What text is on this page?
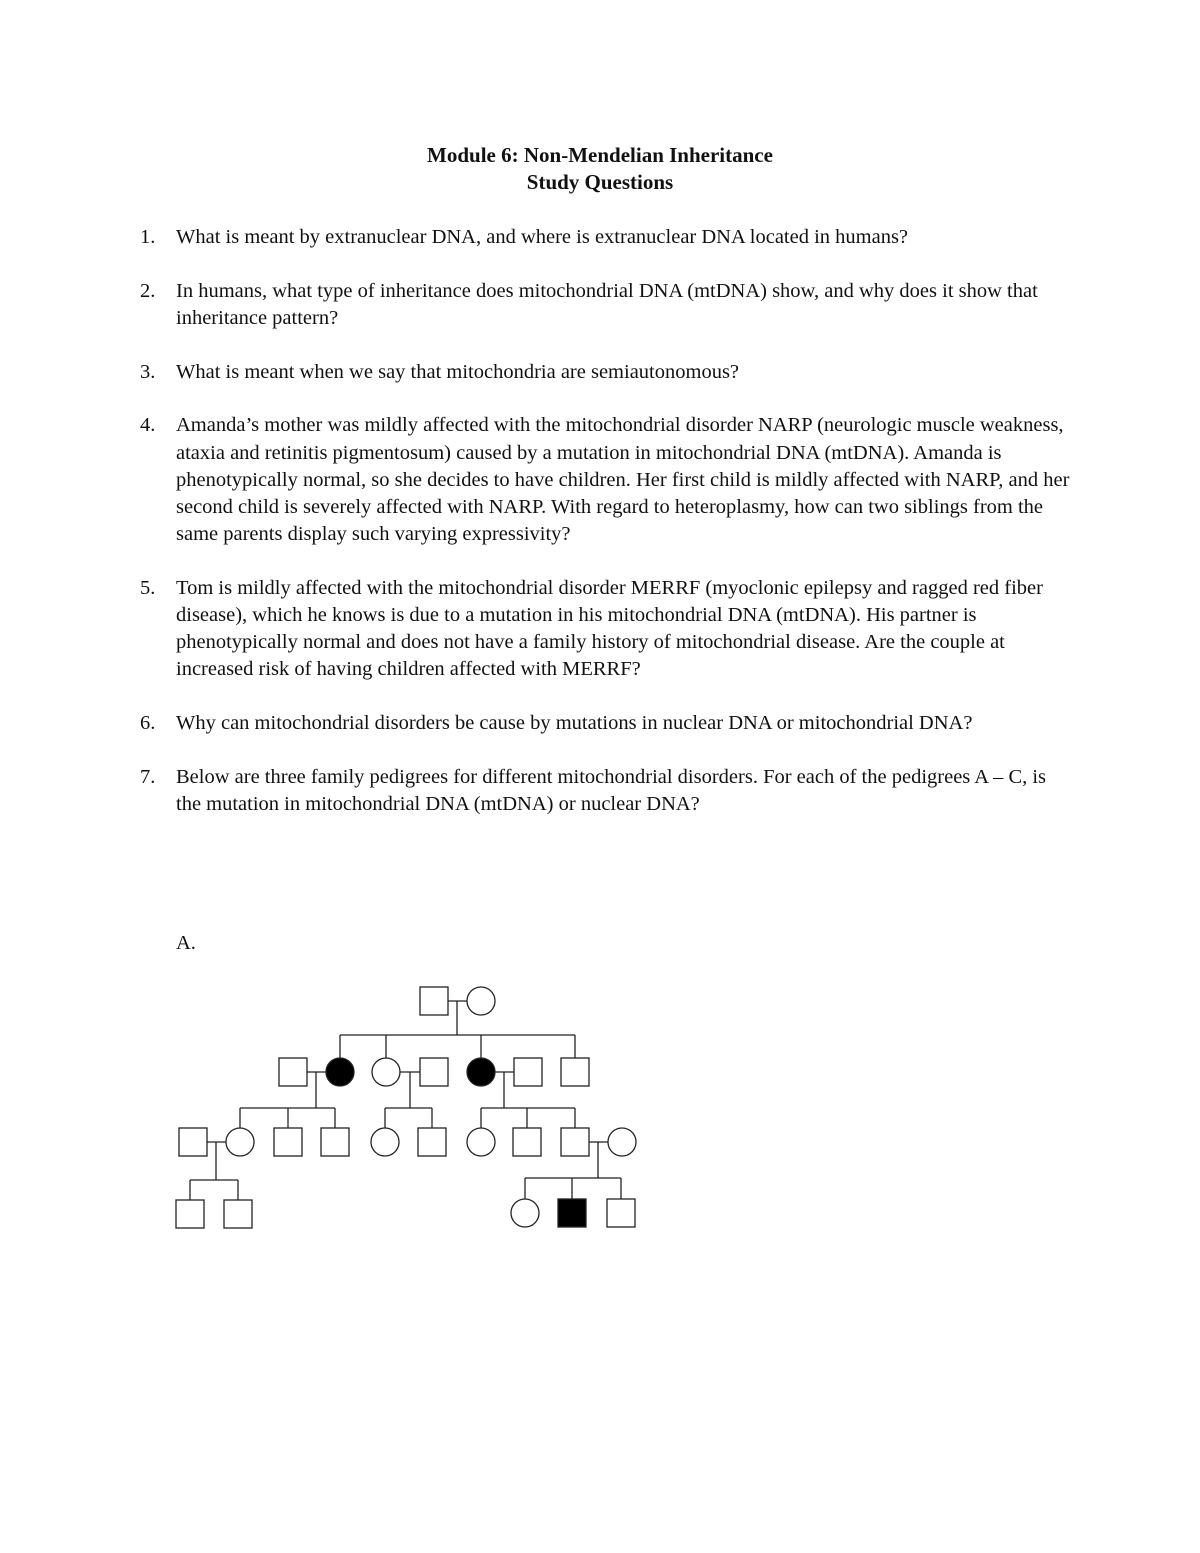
Module 6: Non-Mendelian Inheritance
Study Questions
1.	What is meant by extranuclear DNA, and where is extranuclear DNA located in humans?
2.	In humans, what type of inheritance does mitochondrial DNA (mtDNA) show, and why does it show that inheritance pattern?
3.	What is meant when we say that mitochondria are semiautonomous?
4.	Amanda’s mother was mildly affected with the mitochondrial disorder NARP (neurologic muscle weakness, ataxia and retinitis pigmentosum) caused by a mutation in mitochondrial DNA (mtDNA). Amanda is phenotypically normal, so she decides to have children. Her first child is mildly affected with NARP, and her second child is severely affected with NARP. With regard to heteroplasmy, how can two siblings from the same parents display such varying expressivity?
5.	Tom is mildly affected with the mitochondrial disorder MERRF (myoclonic epilepsy and ragged red fiber disease), which he knows is due to a mutation in his mitochondrial DNA (mtDNA). His partner is phenotypically normal and does not have a family history of mitochondrial disease. Are the couple at increased risk of having children affected with MERRF?
6.	Why can mitochondrial disorders be cause by mutations in nuclear DNA or mitochondrial DNA?
7.	Below are three family pedigrees for different mitochondrial disorders. For each of the pedigrees A – C, is the mutation in mitochondrial DNA (mtDNA) or nuclear DNA?
A.
